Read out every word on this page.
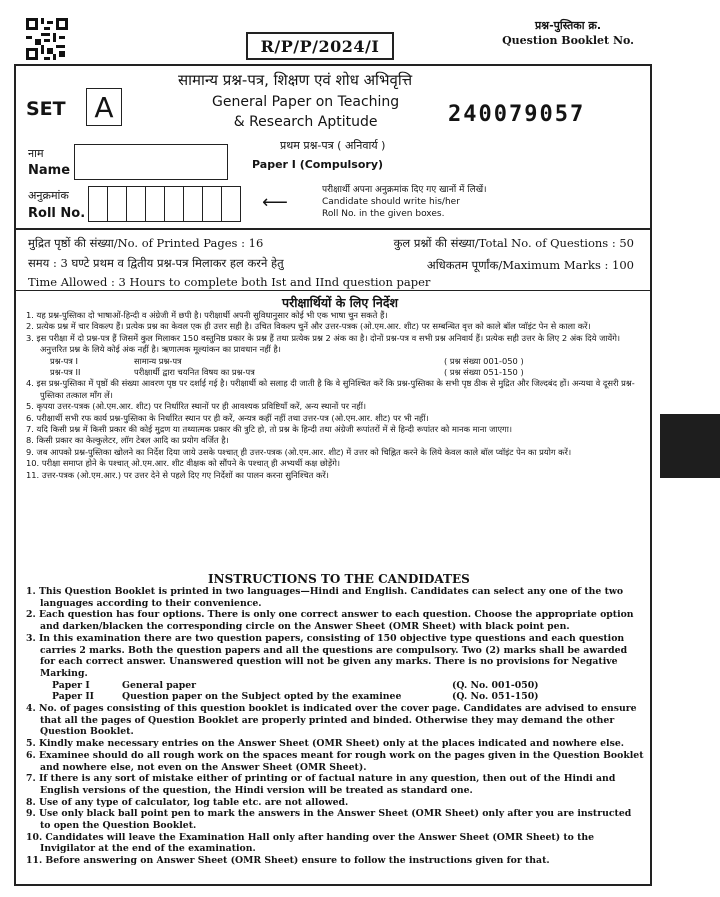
R/P/P/2024/I
प्रश्न-पुस्तिका क्र.
Question Booklet No.
सामान्य प्रश्न-पत्र, शिक्षण एवं शोध अभिवृत्ति
General Paper on Teaching
& Research Aptitude
SET	A	240079057
प्रथम प्रश्न-पत्र ( अनिवार्य )
Paper I (Compulsory)
नाम
Name
अनुक्रमांक
Roll No.
⟵
परीक्षार्थी अपना अनुक्रमांक दिए गए खानों में लिखें।
Candidate should write his/her
Roll No. in the given boxes.
मुद्रित पृष्ठों की संख्या/No. of Printed Pages : 16	कुल प्रश्नों की संख्या/Total No. of Questions : 50
समय : 3 घण्टे प्रथम व द्वितीय प्रश्न-पत्र मिलाकर हल करने हेतु	अधिकतम पूर्णांक/Maximum Marks : 100
Time Allowed : 3 Hours to complete both Ist and IInd question paper
परीक्षार्थियों के लिए निर्देश

1. यह प्रश्न-पुस्तिका दो भाषाओं-हिन्दी व अंग्रेजी में छपी है। परीक्षार्थी अपनी सुविधानुसार कोई भी एक भाषा चुन सकते हैं।

2. प्रत्येक प्रश्न में चार विकल्प हैं। प्रत्येक प्रश्न का केवल एक ही उत्तर सही है। उचित विकल्प चुनें और उत्तर-पत्रक (ओ.एम.आर. शीट) पर सम्बन्धित वृत्त को काले बॉल प्वॉइंट पेन से काला करें।

3. इस परीक्षा में दो प्रश्न-पत्र हैं जिसमें कुल मिलाकर 150 वस्तुनिष्ठ प्रकार के प्रश्न हैं तथा प्रत्येक प्रश्न 2 अंक का है। दोनों प्रश्न-पत्र व सभी प्रश्न अनिवार्य हैं। प्रत्येक सही उत्तर के लिए 2 अंक दिये जायेंगे। अनुत्तरित प्रश्न के लिये कोई अंक नहीं है। ऋणात्मक मूल्यांकन का प्रावधान नहीं है।

प्रश्न-पत्र I	सामान्य प्रश्न-पत्र	( प्रश्न संख्या 001-050 )
प्रश्न-पत्र II	परीक्षार्थी द्वारा चयनित विषय का प्रश्न-पत्र	( प्रश्न संख्या 051-150 )

4. इस प्रश्न-पुस्तिका में पृष्ठों की संख्या आवरण पृष्ठ पर दर्शाई गई है। परीक्षार्थी को सलाह दी जाती है कि वे सुनिश्चित करें कि प्रश्न-पुस्तिका के सभी पृष्ठ ठीक से मुद्रित और जिल्दबंद हों। अन्यथा वे दूसरी प्रश्न-पुस्तिका तत्काल माँग लें।

5. कृपया उत्तर-पत्रक (ओ.एम.आर. शीट) पर निर्धारित स्थानों पर ही आवश्यक प्रविष्टियाँ करें, अन्य स्थानों पर नहीं।

6. परीक्षार्थी सभी रफ कार्य प्रश्न-पुस्तिका के निर्धारित स्थान पर ही करें, अन्यत्र कहीं नहीं तथा उत्तर-पत्र (ओ.एम.आर. शीट) पर भी नहीं।

7. यदि किसी प्रश्न में किसी प्रकार की कोई मुद्रण या तथ्यात्मक प्रकार की त्रुटि हो, तो प्रश्न के हिन्दी तथा अंग्रेजी रूपांतरों में से हिन्दी रूपांतर को मानक माना जाएगा।

8. किसी प्रकार का केल्कुलेटर, लॉग टेबल आदि का प्रयोग वर्जित है।

9. जब आपको प्रश्न-पुस्तिका खोलने का निर्देश दिया जाये उसके पश्चात् ही उत्तर-पत्रक (ओ.एम.आर. शीट) में उत्तर को चिह्नित करने के लिये केवल काले बॉल प्वॉइंट पेन का प्रयोग करें।

10. परीक्षा समाप्त होने के पश्चात् ओ.एम.आर. शीट वीक्षक को सौंपने के पश्चात् ही अभ्यर्थी कक्ष छोड़ेंगे।

11. उत्तर-पत्रक (ओ.एम.आर.) पर उत्तर देने से पहले दिए गए निर्देशों का पालन करना सुनिश्चित करें।

INSTRUCTIONS TO THE CANDIDATES

1. This Question Booklet is printed in two languages—Hindi and English. Candidates can select any one of the two languages according to their convenience.

2. Each question has four options. There is only one correct answer to each question. Choose the appropriate option and darken/blacken the corresponding circle on the Answer Sheet (OMR Sheet) with black point pen.

3. In this examination there are two question papers, consisting of 150 objective type questions and each question carries 2 marks. Both the question papers and all the questions are compulsory. Two (2) marks shall be awarded for each correct answer. Unanswered question will not be given any marks. There is no provisions for Negative Marking.

Paper I	General paper	(Q. No. 001-050)
Paper II	Question paper on the Subject opted by the examinee	(Q. No. 051-150)

4. No. of pages consisting of this question booklet is indicated over the cover page. Candidates are advised to ensure that all the pages of Question Booklet are properly printed and binded. Otherwise they may demand the other Question Booklet.

5. Kindly make necessary entries on the Answer Sheet (OMR Sheet) only at the places indicated and nowhere else.

6. Examinee should do all rough work on the spaces meant for rough work on the pages given in the Question Booklet and nowhere else, not even on the Answer Sheet (OMR Sheet).

7. If there is any sort of mistake either of printing or of factual nature in any question, then out of the Hindi and English versions of the question, the Hindi version will be treated as standard one.

8. Use of any type of calculator, log table etc. are not allowed.

9. Use only black ball point pen to mark the answers in the Answer Sheet (OMR Sheet) only after you are instructed to open the Question Booklet.

10. Candidates will leave the Examination Hall only after handing over the Answer Sheet (OMR Sheet) to the Invigilator at the end of the examination.

11. Before answering on Answer Sheet (OMR Sheet) ensure to follow the instructions given for that.
